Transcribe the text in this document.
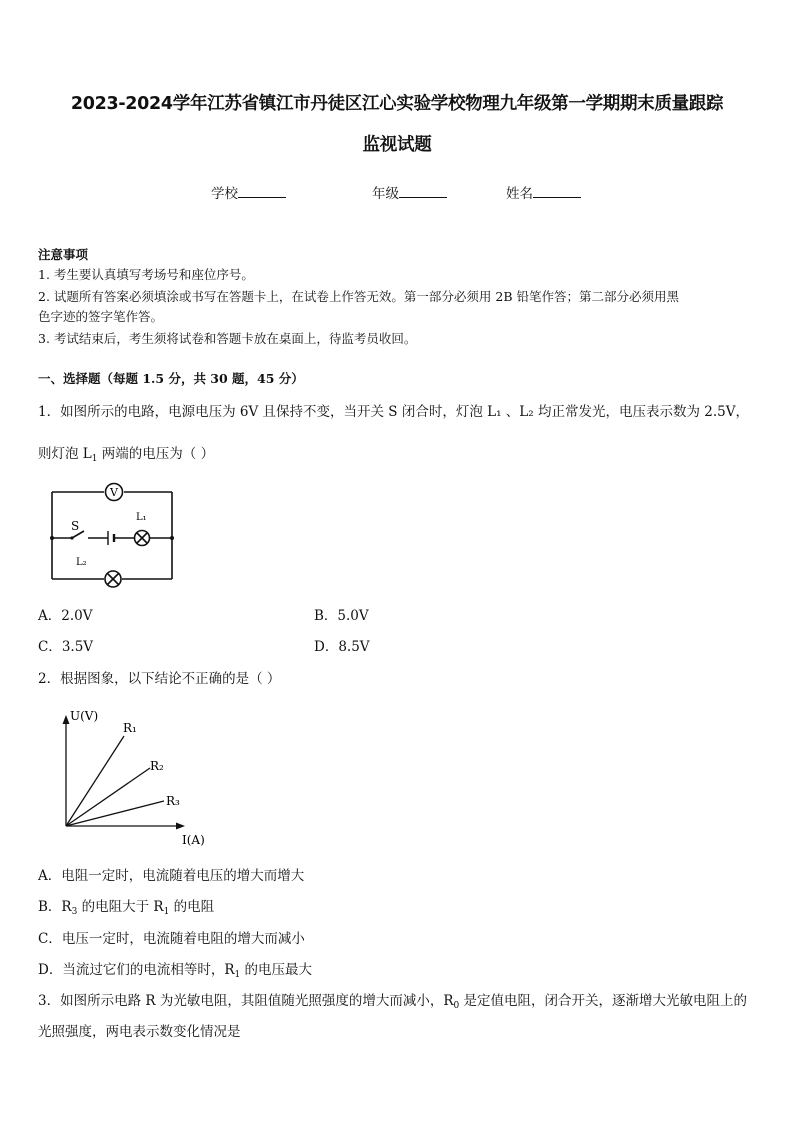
2023-2024学年江苏省镇江市丹徒区江心实验学校物理九年级第一学期期末质量跟踪
监视试题
学校	年级	姓名
注意事项
1. 考生要认真填写考场号和座位序号。
2. 试题所有答案必须填涂或书写在答题卡上，在试卷上作答无效。第一部分必须用 2B 铅笔作答；第二部分必须用黑
色字迹的签字笔作答。
3. 考试结束后，考生须将试卷和答题卡放在桌面上，待监考员收回。
一、选择题（每题 1.5 分，共 30 题，45 分）
1．如图所示的电路，电源电压为 6V 且保持不变，当开关 S 闭合时，灯泡 L₁ 、L₂ 均正常发光，电压表示数为 2.5V，
则灯泡 $L_1$ 两端的电压为（ ）
V
S
L₁
L₂
A．2.0V	B．5.0V
C．3.5V	D．8.5V
2．根据图象，以下结论不正确的是（ ）
U(V)
I(A)
R₁
R₂
R₃
A．电阻一定时，电流随着电压的增大而增大
B．$R_3$ 的电阻大于 $R_1$ 的电阻
C．电压一定时，电流随着电阻的增大而减小
D．当流过它们的电流相等时，$R_1$ 的电压最大
3．如图所示电路 R 为光敏电阻，其阻值随光照强度的增大而减小，$R_0$ 是定值电阻，闭合开关，逐渐增大光敏电阻上的
光照强度，两电表示数变化情况是
